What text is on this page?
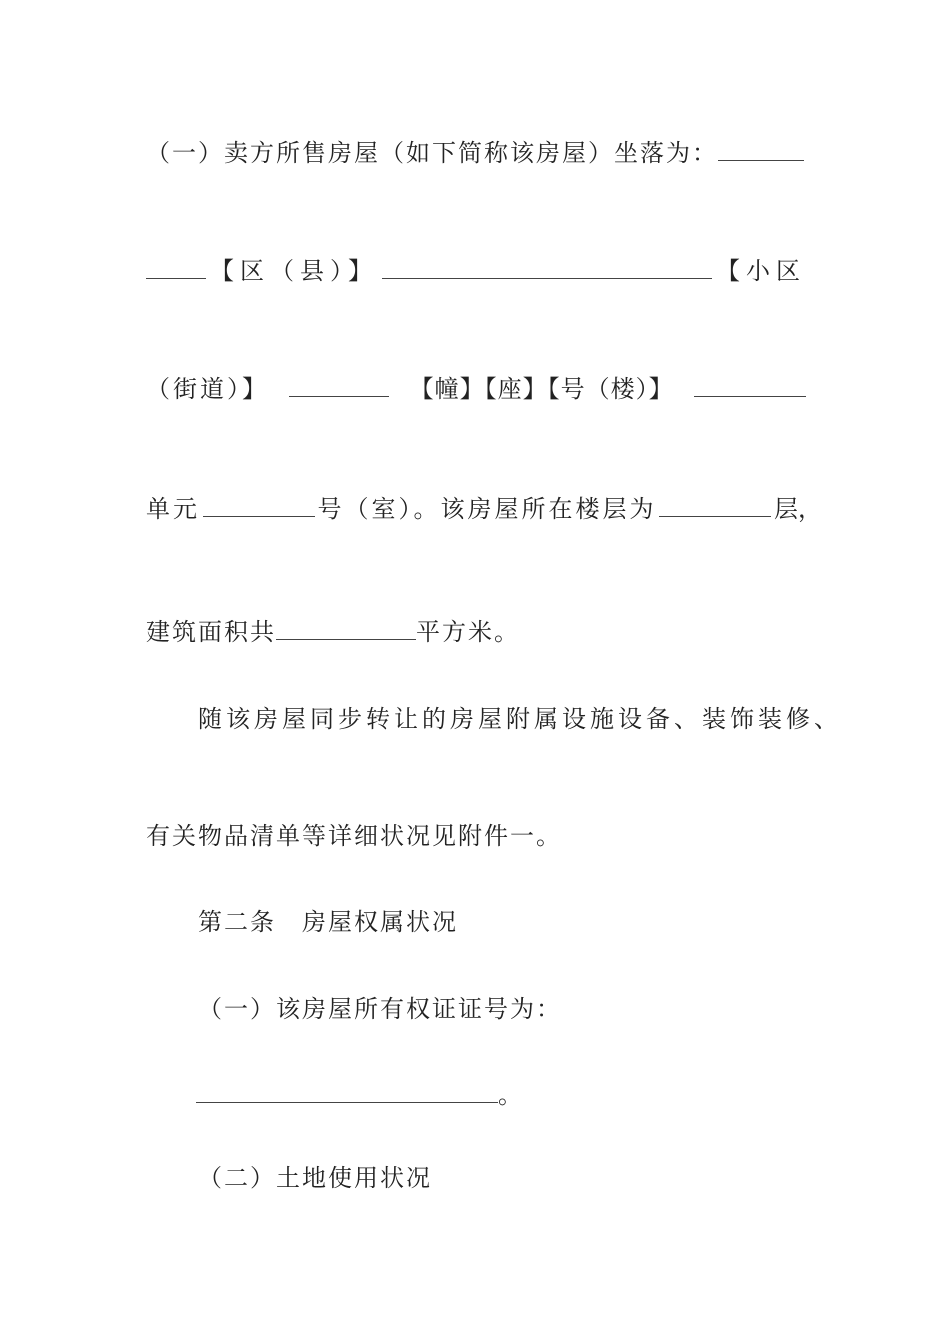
（一）卖方所售房屋（如下简称该房屋）坐落为：
【区（县）】	【小区
（街道）】	【幢】【座】【号（楼）】
单元	号（室）。该房屋所在楼层为	层，
建筑面积共	平方米。
随该房屋同步转让的房屋附属设施设备、装饰装修、
有关物品清单等详细状况见附件一。
第二条　房屋权属状况
（一）该房屋所有权证证号为：
。
（二）土地使用状况
